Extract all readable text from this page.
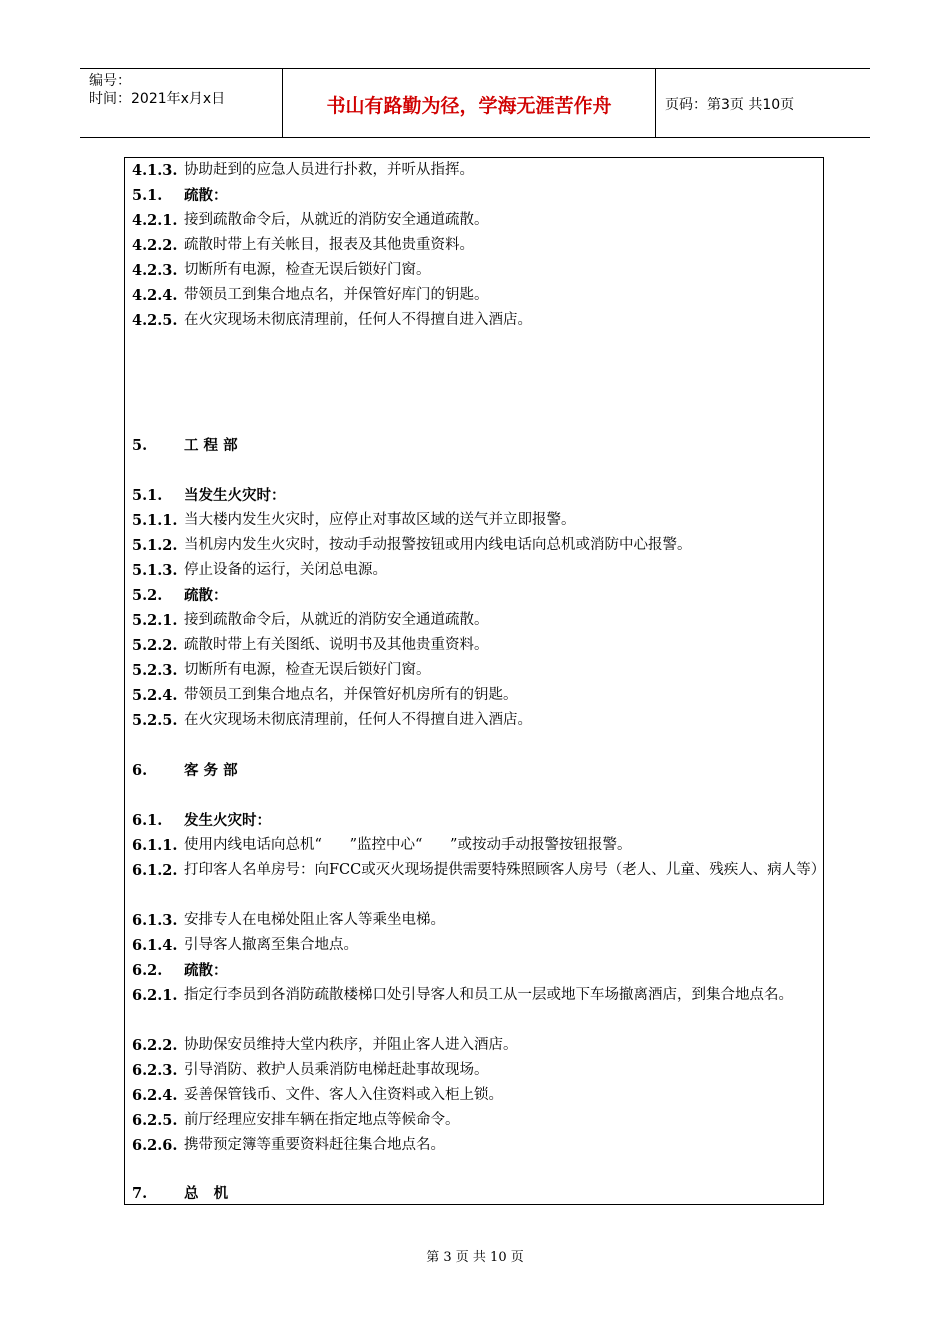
编号：
时间：2021年x月x日	书山有路勤为径，学海无涯苦作舟	页码：第3页 共10页
4.1.3. 协助赶到的应急人员进行扑救，并听从指挥。
5.1. 疏散：
4.2.1. 接到疏散命令后，从就近的消防安全通道疏散。
4.2.2. 疏散时带上有关帐目，报表及其他贵重资料。
4.2.3. 切断所有电源，检查无误后锁好门窗。
4.2.4. 带领员工到集合地点名，并保管好库门的钥匙。
4.2.5. 在火灾现场未彻底清理前，任何人不得擅自进入酒店。
5.	工 程 部
5.1. 当发生火灾时：
5.1.1. 当大楼内发生火灾时，应停止对事故区域的送气并立即报警。
5.1.2. 当机房内发生火灾时，按动手动报警按钮或用内线电话向总机或消防中心报警。
5.1.3. 停止设备的运行，关闭总电源。
5.2. 疏散：
5.2.1. 接到疏散命令后，从就近的消防安全通道疏散。
5.2.2. 疏散时带上有关图纸、说明书及其他贵重资料。
5.2.3. 切断所有电源，检查无误后锁好门窗。
5.2.4. 带领员工到集合地点名，并保管好机房所有的钥匙。
5.2.5. 在火灾现场未彻底清理前，任何人不得擅自进入酒店。
6.	客 务 部
6.1. 发生火灾时：
6.1.1. 使用内线电话向总机“      ”监控中心“      ”或按动手动报警按钮报警。
6.1.2. 打印客人名单房号：向FCC或灭火现场提供需要特殊照顾客人房号（老人、儿童、残疾人、病人等）
6.1.3. 安排专人在电梯处阻止客人等乘坐电梯。
6.1.4. 引导客人撤离至集合地点。
6.2. 疏散：
6.2.1. 指定行李员到各消防疏散楼梯口处引导客人和员工从一层或地下车场撤离酒店，到集合地点名。
6.2.2. 协助保安员维持大堂内秩序，并阻止客人进入酒店。
6.2.3. 引导消防、救护人员乘消防电梯赶赴事故现场。
6.2.4. 妥善保管钱币、文件、客人入住资料或入柜上锁。
6.2.5. 前厅经理应安排车辆在指定地点等候命令。
6.2.6. 携带预定簿等重要资料赶往集合地点名。
7.	总   机
第 3 页 共 10 页
